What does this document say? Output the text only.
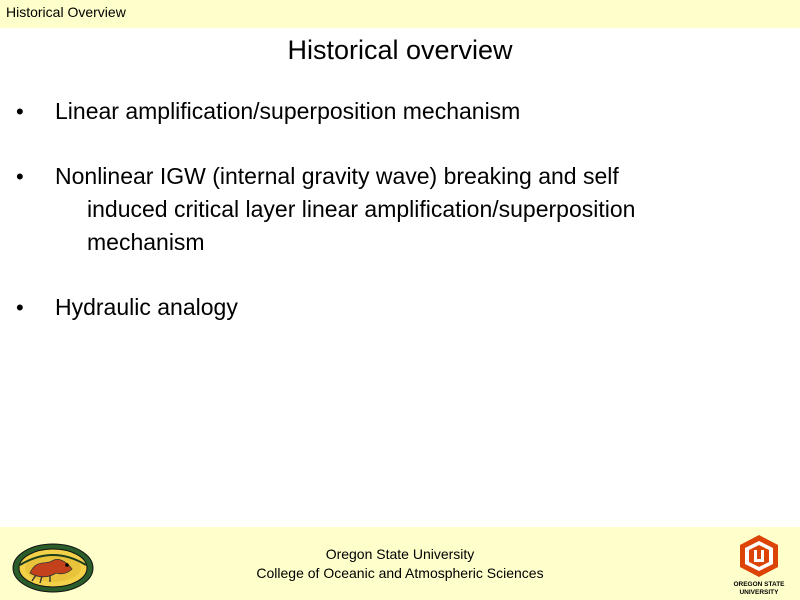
Historical Overview
Historical overview
• Linear amplification/superposition mechanism
• Nonlinear IGW (internal gravity wave) breaking and self
induced critical layer linear amplification/superposition
mechanism
• Hydraulic analogy
Oregon State University
College of Oceanic and Atmospheric Sciences
OREGON STATE
UNIVERSITY
